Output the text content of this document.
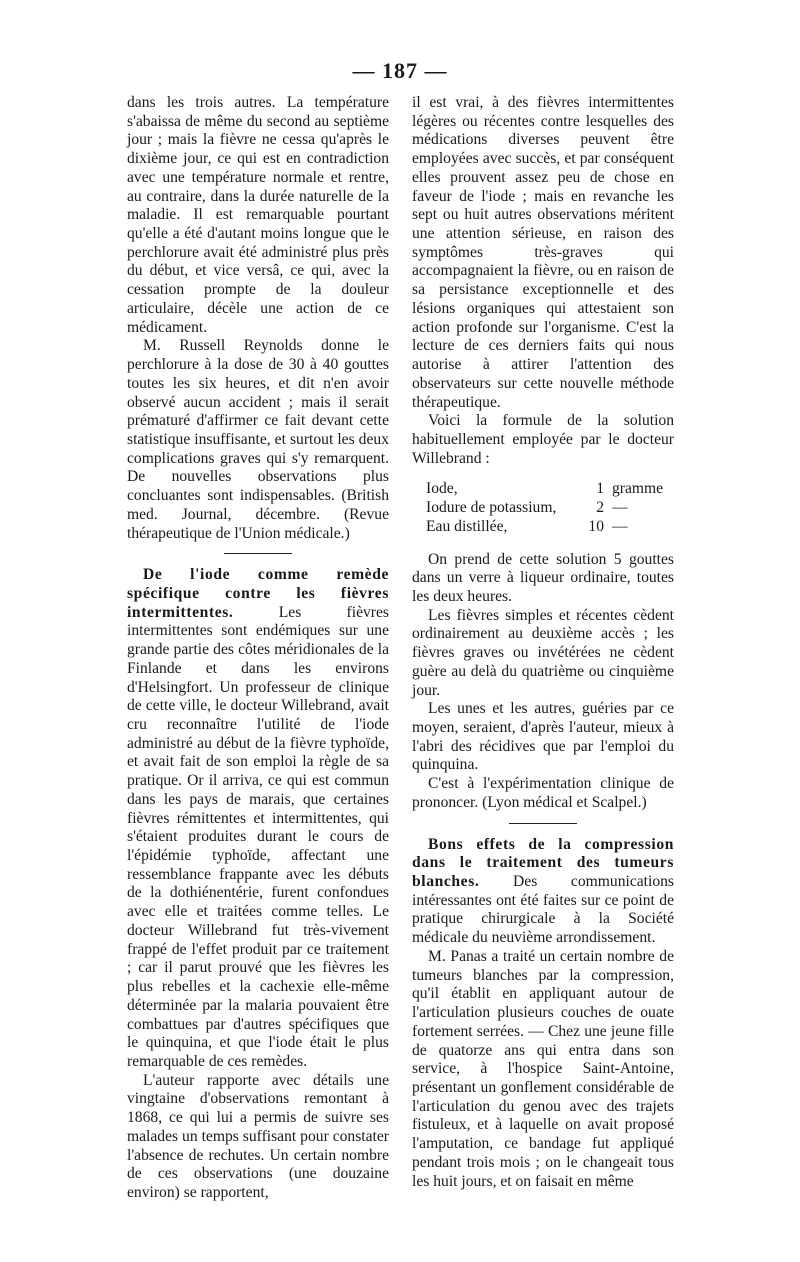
— 187 —

dans les trois autres. La température s'abaissa de même du second au septième jour ; mais la fièvre ne cessa qu'après le dixième jour, ce qui est en contradiction avec une température normale et rentre, au contraire, dans la durée naturelle de la maladie. Il est remarquable pourtant qu'elle a été d'autant moins longue que le perchlorure avait été administré plus près du début, et vice versâ, ce qui, avec la cessation prompte de la douleur articulaire, décèle une action de ce médicament.

M. Russell Reynolds donne le perchlorure à la dose de 30 à 40 gouttes toutes les six heures, et dit n'en avoir observé aucun accident ; mais il serait prématuré d'affirmer ce fait devant cette statistique insuffisante, et surtout les deux complications graves qui s'y remarquent. De nouvelles observations plus concluantes sont indispensables. (British med. Journal, décembre. (Revue thérapeutique de l'Union médicale.)

De l'iode comme remède spécifique contre les fièvres intermittentes. Les fièvres intermittentes sont endémiques sur une grande partie des côtes méridionales de la Finlande et dans les environs d'Helsingfort. Un professeur de clinique de cette ville, le docteur Willebrand, avait cru reconnaître l'utilité de l'iode administré au début de la fièvre typhoïde, et avait fait de son emploi la règle de sa pratique. Or il arriva, ce qui est commun dans les pays de marais, que certaines fièvres rémittentes et intermittentes, qui s'étaient produites durant le cours de l'épidémie typhoïde, affectant une ressemblance frappante avec les débuts de la dothiénentérie, furent confondues avec elle et traitées comme telles. Le docteur Willebrand fut très-vivement frappé de l'effet produit par ce traitement ; car il parut prouvé que les fièvres les plus rebelles et la cachexie elle-même déterminée par la malaria pouvaient être combattues par d'autres spécifiques que le quinquina, et que l'iode était le plus remarquable de ces remèdes.

L'auteur rapporte avec détails une vingtaine d'observations remontant à 1868, ce qui lui a permis de suivre ses malades un temps suffisant pour constater l'absence de rechutes. Un certain nombre de ces observations (une douzaine environ) se rapportent,

il est vrai, à des fièvres intermittentes légères ou récentes contre lesquelles des médications diverses peuvent être employées avec succès, et par conséquent elles prouvent assez peu de chose en faveur de l'iode ; mais en revanche les sept ou huit autres observations méritent une attention sérieuse, en raison des symptômes très-graves qui accompagnaient la fièvre, ou en raison de sa persistance exceptionnelle et des lésions organiques qui attestaient son action profonde sur l'organisme. C'est la lecture de ces derniers faits qui nous autorise à attirer l'attention des observateurs sur cette nouvelle méthode thérapeutique.

Voici la formule de la solution habituellement employée par le docteur Willebrand :

Iode,	1 gramme
Iodure de potassium,	2 —
Eau distillée,	10 —

On prend de cette solution 5 gouttes dans un verre à liqueur ordinaire, toutes les deux heures.

Les fièvres simples et récentes cèdent ordinairement au deuxième accès ; les fièvres graves ou invétérées ne cèdent guère au delà du quatrième ou cinquième jour.

Les unes et les autres, guéries par ce moyen, seraient, d'après l'auteur, mieux à l'abri des récidives que par l'emploi du quinquina.

C'est à l'expérimentation clinique de prononcer. (Lyon médical et Scalpel.)

Bons effets de la compression dans le traitement des tumeurs blanches. Des communications intéressantes ont été faites sur ce point de pratique chirurgicale à la Société médicale du neuvième arrondissement.

M. Panas a traité un certain nombre de tumeurs blanches par la compression, qu'il établit en appliquant autour de l'articulation plusieurs couches de ouate fortement serrées. — Chez une jeune fille de quatorze ans qui entra dans son service, à l'hospice Saint-Antoine, présentant un gonflement considérable de l'articulation du genou avec des trajets fistuleux, et à laquelle on avait proposé l'amputation, ce bandage fut appliqué pendant trois mois ; on le changeait tous les huit jours, et on faisait en même
